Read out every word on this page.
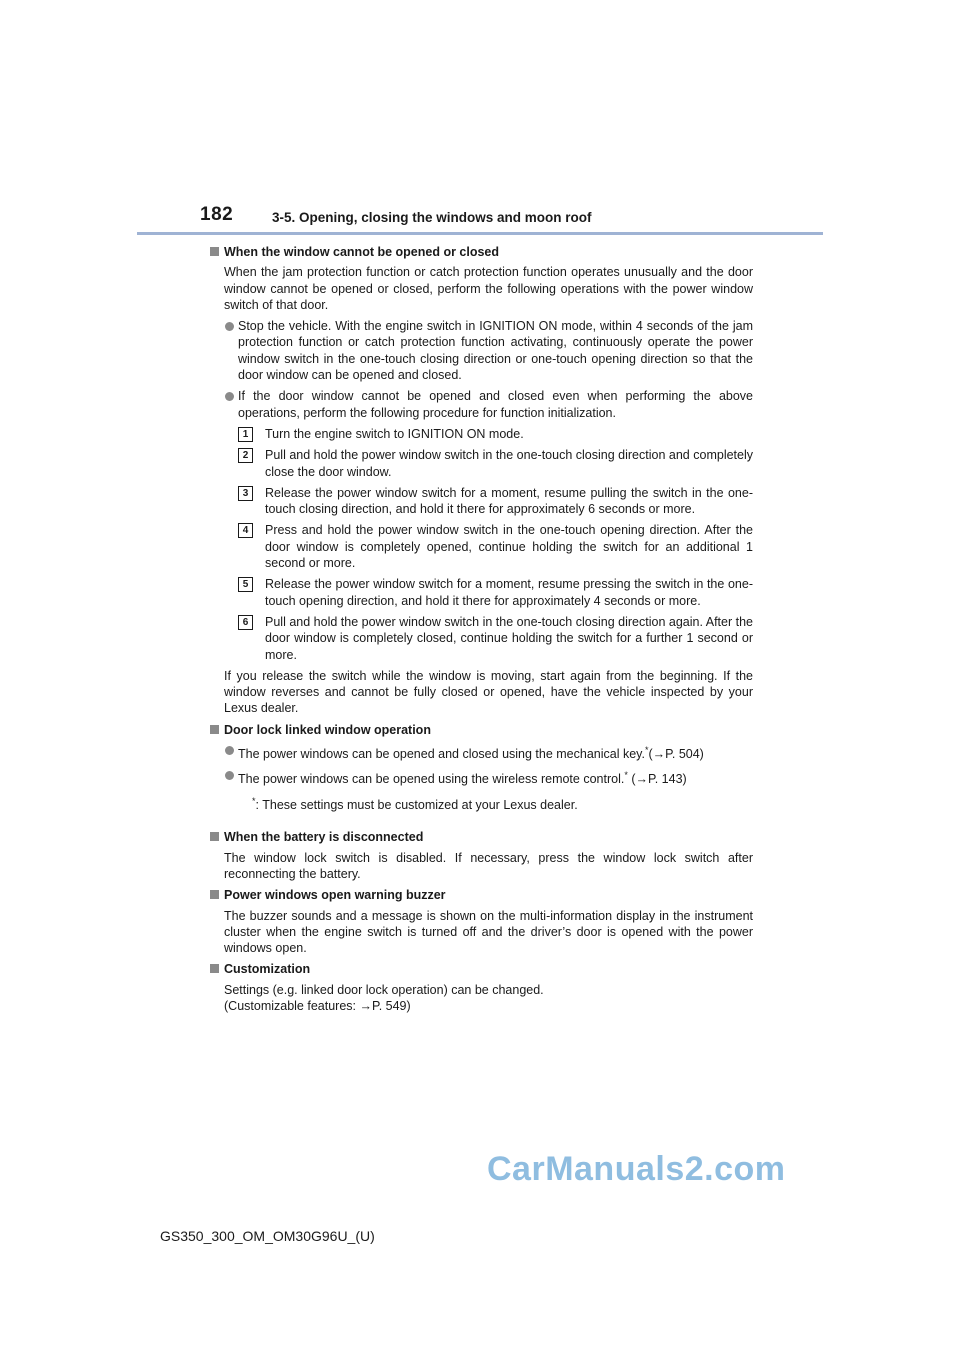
182	3-5. Opening, closing the windows and moon roof
When the window cannot be opened or closed

When the jam protection function or catch protection function operates unusually and the door window cannot be opened or closed, perform the following operations with the power window switch of that door.

Stop the vehicle. With the engine switch in IGNITION ON mode, within 4 seconds of the jam protection function or catch protection function activating, continuously operate the power window switch in the one-touch closing direction or one-touch opening direction so that the door window can be opened and closed.
If the door window cannot be opened and closed even when performing the above operations, perform the following procedure for function initialization.
1	Turn the engine switch to IGNITION ON mode.
2	Pull and hold the power window switch in the one-touch closing direction and completely close the door window.
3	Release the power window switch for a moment, resume pulling the switch in the one-touch closing direction, and hold it there for approximately 6 seconds or more.
4	Press and hold the power window switch in the one-touch opening direction. After the door window is completely opened, continue holding the switch for an additional 1 second or more.
5	Release the power window switch for a moment, resume pressing the switch in the one-touch opening direction, and hold it there for approximately 4 seconds or more.
6	Pull and hold the power window switch in the one-touch closing direction again. After the door window is completely closed, continue holding the switch for a further 1 second or more.

If you release the switch while the window is moving, start again from the beginning. If the window reverses and cannot be fully closed or opened, have the vehicle inspected by your Lexus dealer.

Door lock linked window operation
The power windows can be opened and closed using the mechanical key.*(→P. 504)
The power windows can be opened using the wireless remote control.* (→P. 143)
*: These settings must be customized at your Lexus dealer.
When the battery is disconnected

The window lock switch is disabled. If necessary, press the window lock switch after reconnecting the battery.

Power windows open warning buzzer

The buzzer sounds and a message is shown on the multi-information display in the instrument cluster when the engine switch is turned off and the driver’s door is opened with the power windows open.

Customization

Settings (e.g. linked door lock operation) can be changed.

(Customizable features: →P. 549)

CarManuals2.com
GS350_300_OM_OM30G96U_(U)
